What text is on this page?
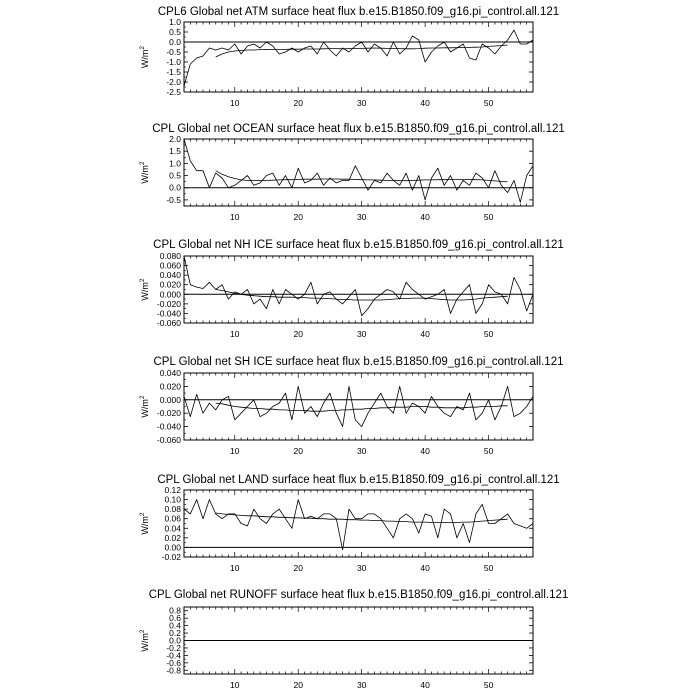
CPL6 Global net ATM surface heat flux b.e15.B1850.f09_g16.pi_control.all.121
-2.5
-2.0
-1.5
-1.0
-0.5
0.0
0.5
1.0
10	20	30	40	50
$W/m^2$
CPL Global net OCEAN surface heat flux b.e15.B1850.f09_g16.pi_control.all.121
-0.5
0.0
0.5
1.0
1.5
2.0
10	20	30	40	50
$W/m^2$
CPL Global net NH ICE surface heat flux b.e15.B1850.f09_g16.pi_control.all.121
-0.060
-0.040
-0.020
0.000
0.020
0.040
0.060
0.080
10	20	30	40	50
$W/m^2$
CPL Global net SH ICE surface heat flux b.e15.B1850.f09_g16.pi_control.all.121
-0.060
-0.040
-0.020
0.000
0.020
0.040
10	20	30	40	50
$W/m^2$
CPL Global net LAND surface heat flux b.e15.B1850.f09_g16.pi_control.all.121
-0.02
0.00
0.02
0.04
0.06
0.08
0.10
0.12
10	20	30	40	50
$W/m^2$
CPL Global net RUNOFF surface heat flux b.e15.B1850.f09_g16.pi_control.all.121
-0.8
-0.6
-0.4
-0.2
0.0
0.2
0.4
0.6
0.8
10	20	30	40	50
$W/m^2$
